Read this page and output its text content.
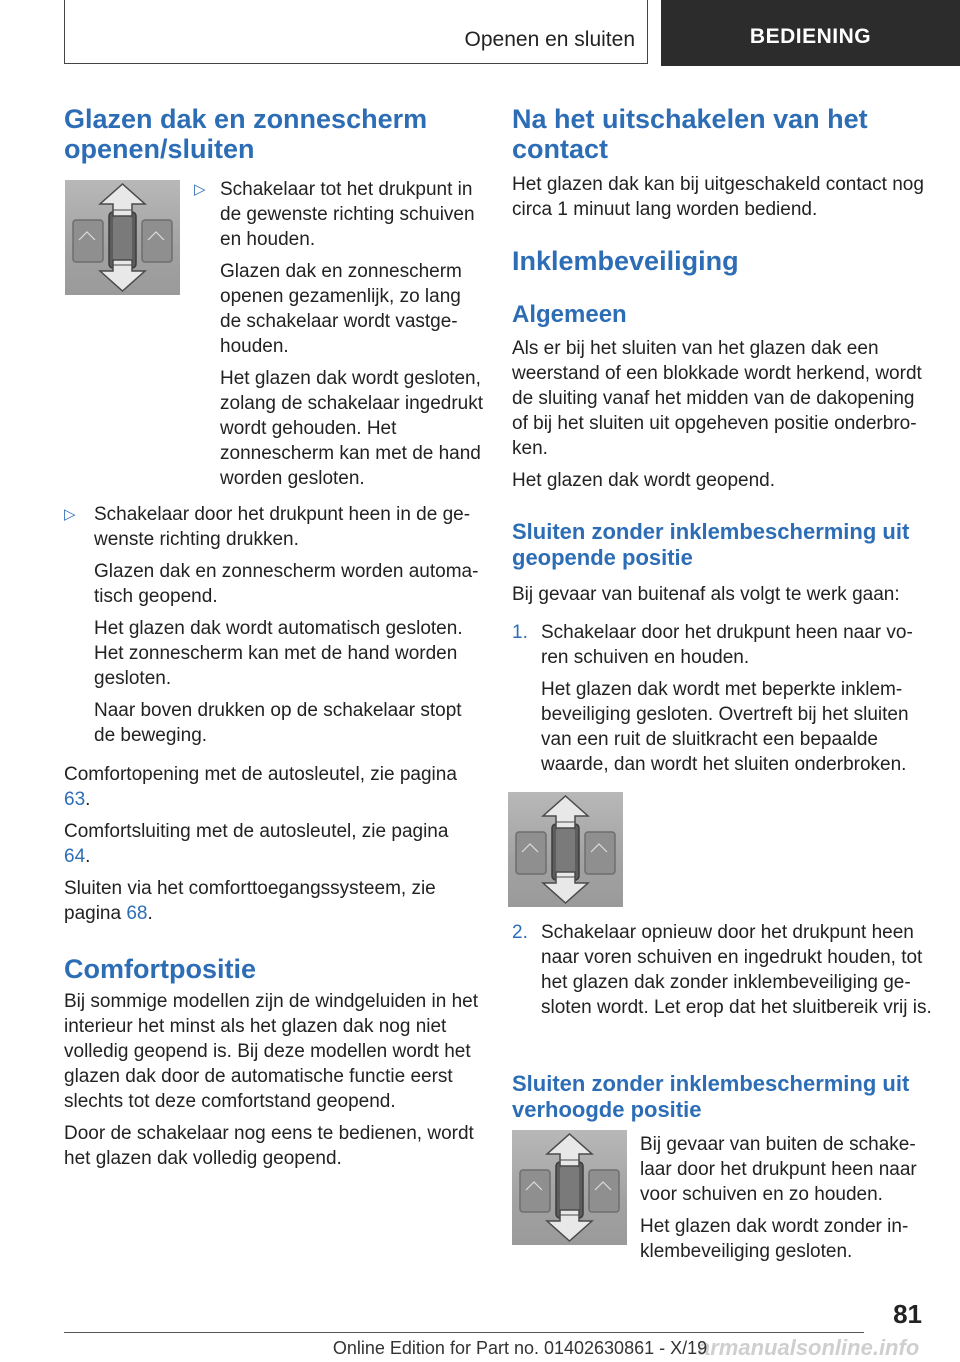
Openen en sluiten	BEDIENING
Glazen dak en zonnescherm openen/sluiten
▷ Schakelaar tot het drukpunt in de gewenste richting schuiven en houden.

Glazen dak en zonnescherm openen gezamenlijk, zo lang de schakelaar wordt vastgehouden.

Het glazen dak wordt gesloten, zolang de schakelaar ingedrukt wordt gehouden. Het zonnescherm kan met de hand worden gesloten.

▷ Schakelaar door het drukpunt heen in de gewenste richting drukken.

Glazen dak en zonnescherm worden automatisch geopend.

Het glazen dak wordt automatisch gesloten. Het zonnescherm kan met de hand worden gesloten.

Naar boven drukken op de schakelaar stopt de beweging.

Comfortopening met de autosleutel, zie pagina 63.

Comfortsluiting met de autosleutel, zie pagina 64.

Sluiten via het comforttoegangssysteem, zie pagina 68.

Comfortpositie

Bij sommige modellen zijn de windgeluiden in het interieur het minst als het glazen dak nog niet volledig geopend is. Bij deze modellen wordt het glazen dak door de automatische functie eerst slechts tot deze comfortstand geopend.

Door de schakelaar nog eens te bedienen, wordt het glazen dak volledig geopend.

Na het uitschakelen van het contact

Het glazen dak kan bij uitgeschakeld contact nog circa 1 minuut lang worden bediend.

Inklembeveiliging
Algemeen

Als er bij het sluiten van het glazen dak een weerstand of een blokkade wordt herkend, wordt de sluiting vanaf het midden van de dakopening of bij het sluiten uit opgeheven positie onderbroken.

Het glazen dak wordt geopend.

Sluiten zonder inklembescherming uit geopende positie

Bij gevaar van buitenaf als volgt te werk gaan:

1. Schakelaar door het drukpunt heen naar voren schuiven en houden.

Het glazen dak wordt met beperkte inklembeveiliging gesloten. Overtreft bij het sluiten van een ruit de sluitkracht een bepaalde waarde, dan wordt het sluiten onderbroken.

2. Schakelaar opnieuw door het drukpunt heen naar voren schuiven en ingedrukt houden, tot het glazen dak zonder inklembeveiliging gesloten wordt. Let erop dat het sluitbereik vrij is.

Sluiten zonder inklembescherming uit verhoogde positie

Bij gevaar van buiten de schakelaar door het drukpunt heen naar voor schuiven en zo houden.

Het glazen dak wordt zonder inklembeveiliging gesloten.

81
armanualsonline.info
Online Edition for Part no. 01402630861 - X/19
